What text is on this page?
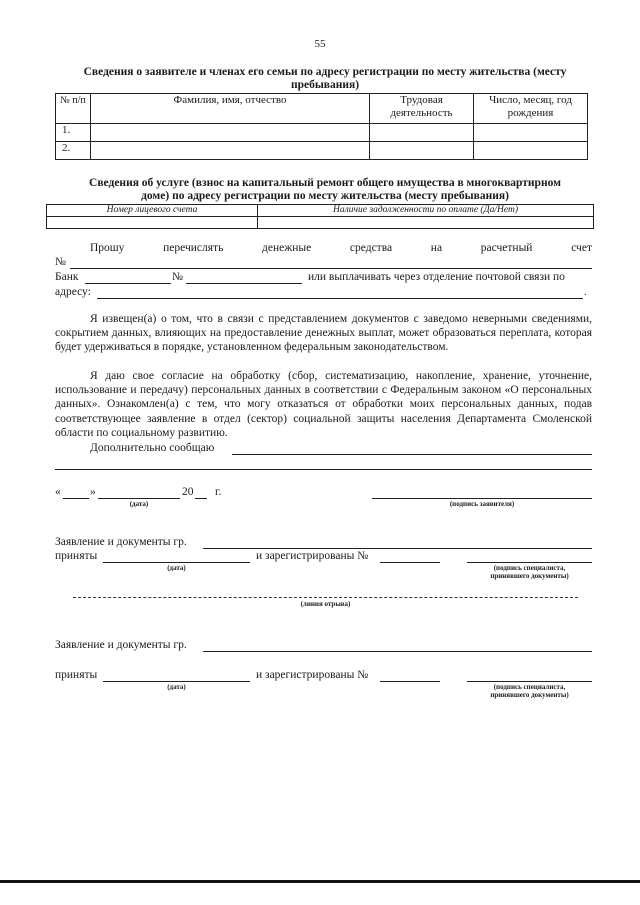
55
Сведения о заявителе и членах его семьи по адресу регистрации по месту жительства (месту
пребывания)
№ п/п	Фамилия, имя, отчество	Трудовая деятельность	Число, месяц, год рождения
1.			
2.			
Сведения об услуге (взнос на капитальный ремонт общего имущества в многоквартирном
доме) по адресу регистрации по месту жительства (месту пребывания)
Номер лицевого счета	Наличие задолженности по оплате (Да/Нет)

Прошу	перечислять	денежные	средства	на	расчетный	счет
№
Банк	№	или выплачивать через отделение почтовой связи по
адресу:	.
Я извещен(а) о том, что в связи с представлением документов с заведомо неверными сведениями, сокрытием данных, влияющих на предоставление денежных выплат, может образоваться переплата, которая будет удерживаться в порядке, установленном федеральным законодательством.
Я даю свое согласие на обработку (сбор, систематизацию, накопление, хранение, уточнение, использование и передачу) персональных данных в соответствии с Федеральным законом «О персональных данных». Ознакомлен(а) с тем, что могу отказаться от обработки моих персональных данных, подав соответствующее заявление в отдел (сектор) социальной защиты населения Департамента Смоленской области по социальному развитию.
Дополнительно сообщаю
«	»	20 г.
(дата)	(подпись заявителя)
Заявление и документы гр.
приняты	и зарегистрированы №
(дата)	(подпись специалиста,
принявшего документы)
(линия отрыва)
Заявление и документы гр.
приняты	и зарегистрированы №
(дата)	(подпись специалиста,
принявшего документы)
